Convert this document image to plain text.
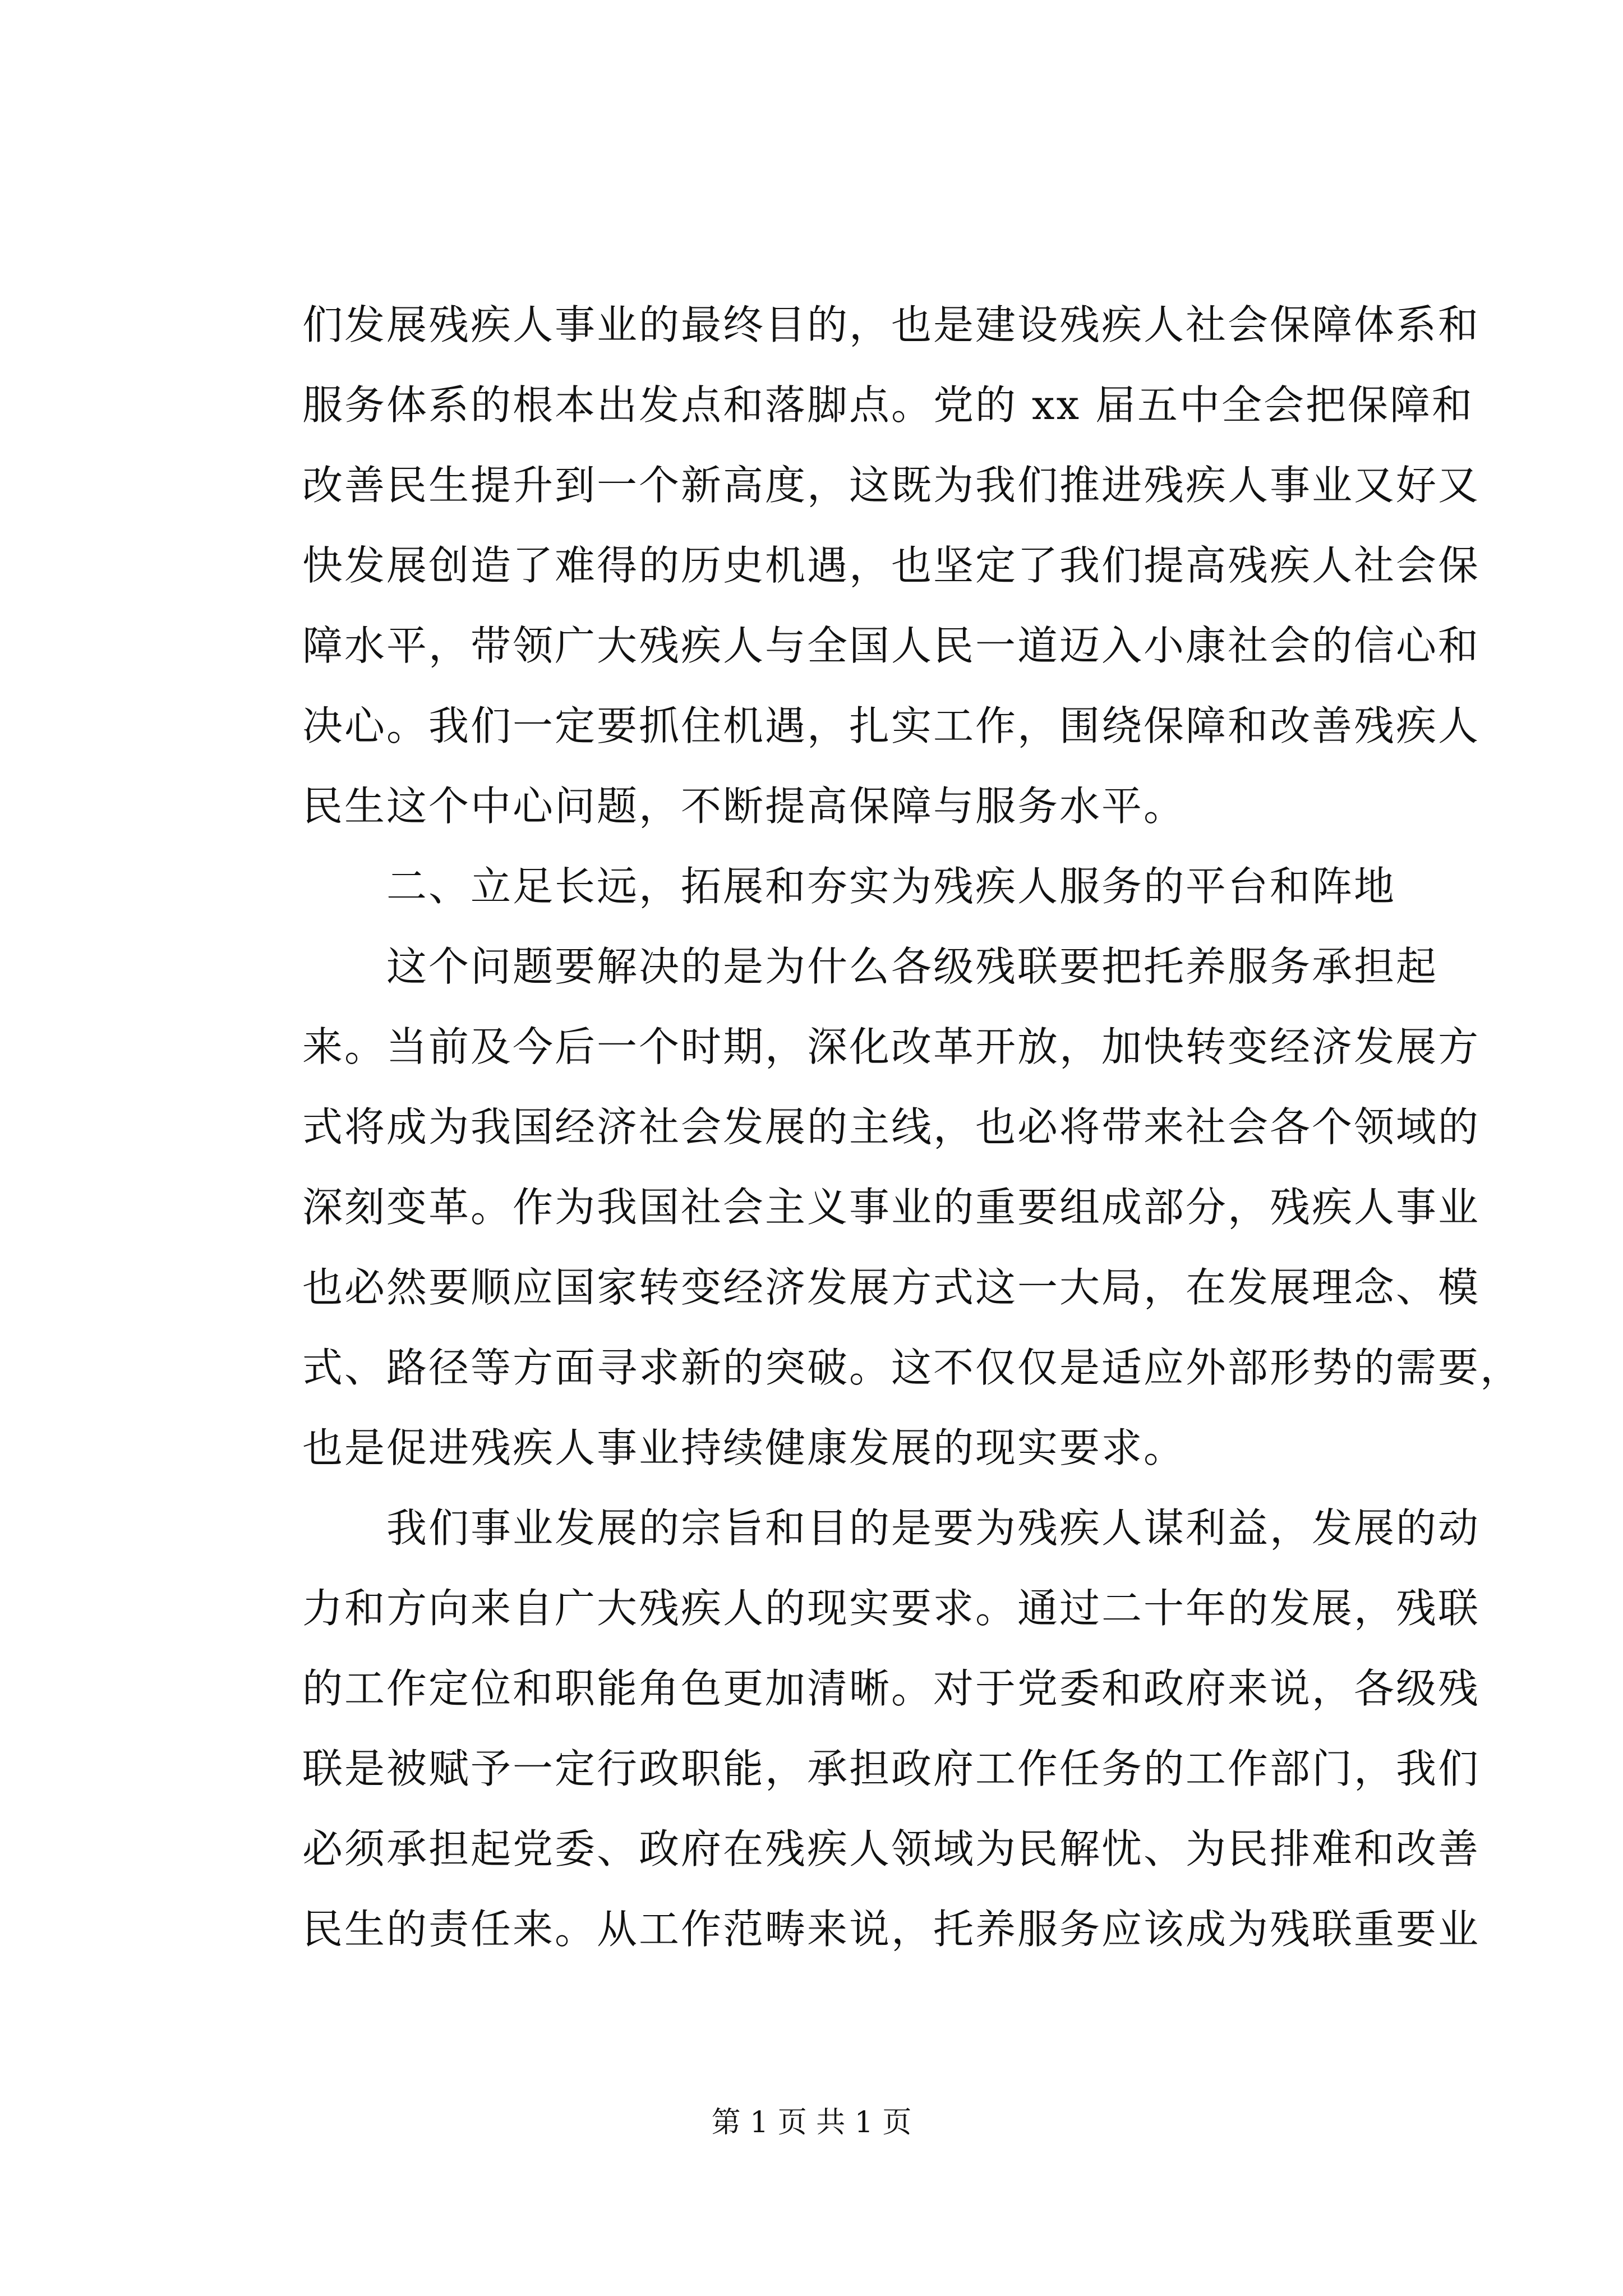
们发展残疾人事业的最终目的，也是建设残疾人社会保障体系和
服务体系的根本出发点和落脚点。党的 xx 届五中全会把保障和
改善民生提升到一个新高度，这既为我们推进残疾人事业又好又
快发展创造了难得的历史机遇，也坚定了我们提高残疾人社会保
障水平，带领广大残疾人与全国人民一道迈入小康社会的信心和
决心。我们一定要抓住机遇，扎实工作，围绕保障和改善残疾人
民生这个中心问题，不断提高保障与服务水平。
二、立足长远，拓展和夯实为残疾人服务的平台和阵地
这个问题要解决的是为什么各级残联要把托养服务承担起
来。当前及今后一个时期，深化改革开放，加快转变经济发展方
式将成为我国经济社会发展的主线，也必将带来社会各个领域的
深刻变革。作为我国社会主义事业的重要组成部分，残疾人事业
也必然要顺应国家转变经济发展方式这一大局，在发展理念、模
式、路径等方面寻求新的突破。这不仅仅是适应外部形势的需要，
也是促进残疾人事业持续健康发展的现实要求。
我们事业发展的宗旨和目的是要为残疾人谋利益，发展的动
力和方向来自广大残疾人的现实要求。通过二十年的发展，残联
的工作定位和职能角色更加清晰。对于党委和政府来说，各级残
联是被赋予一定行政职能，承担政府工作任务的工作部门，我们
必须承担起党委、政府在残疾人领域为民解忧、为民排难和改善
民生的责任来。从工作范畴来说，托养服务应该成为残联重要业
第 1 页 共 1 页
